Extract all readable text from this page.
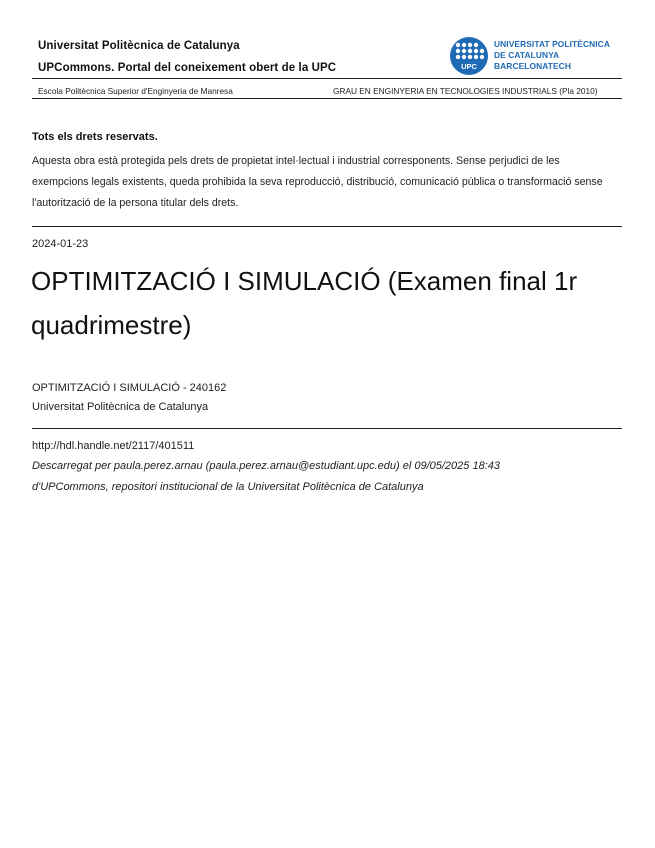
Universitat Politècnica de Catalunya
UPCommons. Portal del coneixement obert de la UPC	UPC
UNIVERSITAT POLITÈCNICA
DE CATALUNYA
BARCELONATECH
Escola Politècnica Superior d'Enginyeria de Manresa	GRAU EN ENGINYERIA EN TECNOLOGIES INDUSTRIALS (Pla 2010)
Tots els drets reservats.
Aquesta obra està protegida pels drets de propietat intel·lectual i industrial corresponents. Sense perjudici de les exempcions legals existents, queda prohibida la seva reproducció, distribució, comunicació pública o transformació sense l'autorització de la persona titular dels drets.
2024-01-23
OPTIMITZACIÓ I SIMULACIÓ (Examen final 1r quadrimestre)
OPTIMITZACIÓ I SIMULACIÓ - 240162
Universitat Politècnica de Catalunya
http://hdl.handle.net/2117/401511
Descarregat per paula.perez.arnau (paula.perez.arnau@estudiant.upc.edu) el 09/05/2025 18:43
d'UPCommons, repositori institucional de la Universitat Politècnica de Catalunya
